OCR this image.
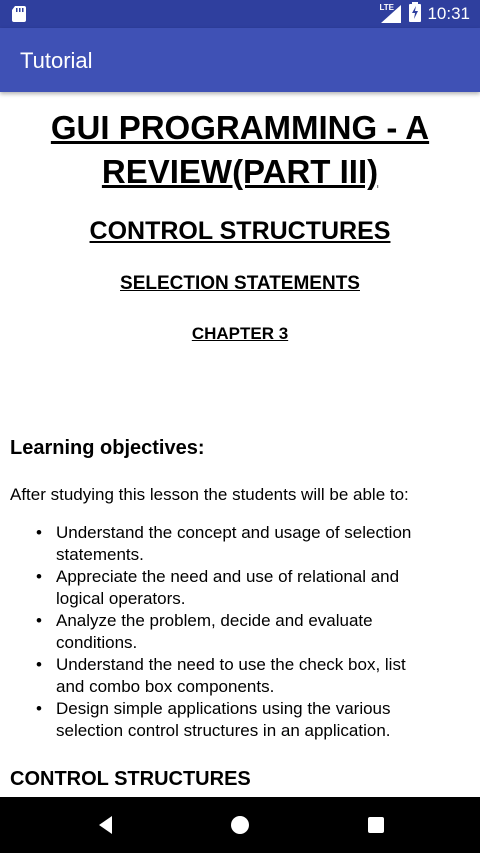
LTE 10:31
Tutorial
GUI PROGRAMMING - A
REVIEW(PART III)
CONTROL STRUCTURES
SELECTION STATEMENTS
CHAPTER 3
Learning objectives:
After studying this lesson the students will be able to:
• Understand the concept and usage of selection
statements.
• Appreciate the need and use of relational and
logical operators.
• Analyze the problem, decide and evaluate
conditions.
• Understand the need to use the check box, list
and combo box components.
• Design simple applications using the various
selection control structures in an application.
CONTROL STRUCTURES
